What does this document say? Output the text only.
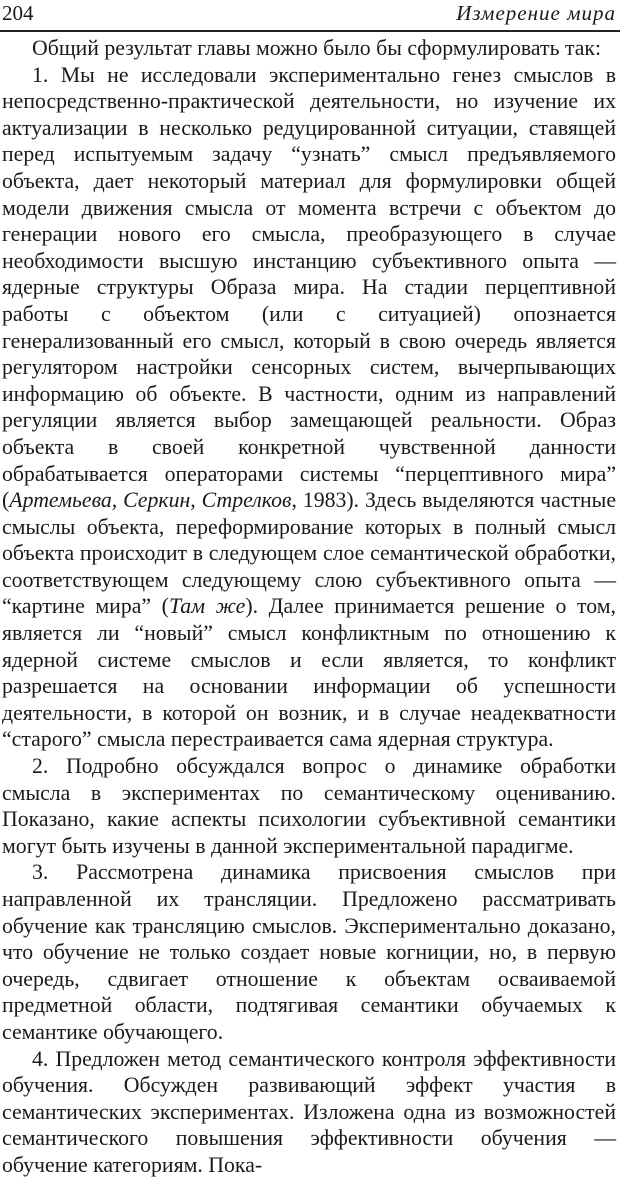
204	Измерение мира

Общий результат главы можно было бы сформулировать так:

1. Мы не исследовали экспериментально генез смыслов в непосредственно-практической деятельности, но изучение их актуализации в несколько редуцированной ситуации, ставящей перед испытуемым задачу “узнать” смысл предъявляемого объекта, дает некоторый материал для формулировки общей модели движения смысла от момента встречи с объектом до генерации нового его смысла, преобразующего в случае необходимости высшую инстанцию субъективного опыта — ядерные структуры Образа мира. На стадии перцептивной работы с объектом (или с ситуацией) опознается генерализованный его смысл, который в свою очередь является регулятором настройки сенсорных систем, вычерпывающих информацию об объекте. В частности, одним из направлений регуляции является выбор замещающей реальности. Образ объекта в своей конкретной чувственной данности обрабатывается операторами системы “перцептивного мира” (Артемьева, Серкин, Стрелков, 1983). Здесь выделяются частные смыслы объекта, переформирование которых в полный смысл объекта происходит в следующем слое семантической обработки, соответствующем следующему слою субъективного опыта — “картине мира” (Там же). Далее принимается решение о том, является ли “новый” смысл конфликтным по отношению к ядерной системе смыслов и если является, то конфликт разрешается на основании информации об успешности деятельности, в которой он возник, и в случае неадекватности “старого” смысла перестраивается сама ядерная структура.

2. Подробно обсуждался вопрос о динамике обработки смысла в экспериментах по семантическому оцениванию. Показано, какие аспекты психологии субъективной семантики могут быть изучены в данной экспериментальной парадигме.

3. Рассмотрена динамика присвоения смыслов при направленной их трансляции. Предложено рассматривать обучение как трансляцию смыслов. Экспериментально доказано, что обучение не только создает новые когниции, но, в первую очередь, сдвигает отношение к объектам осваиваемой предметной области, подтягивая семантики обучаемых к семантике обучающего.

4. Предложен метод семантического контроля эффективности обучения. Обсужден развивающий эффект участия в семантических экспериментах. Изложена одна из возможностей семантического повышения эффективности обучения — обучение категориям. Пока-
